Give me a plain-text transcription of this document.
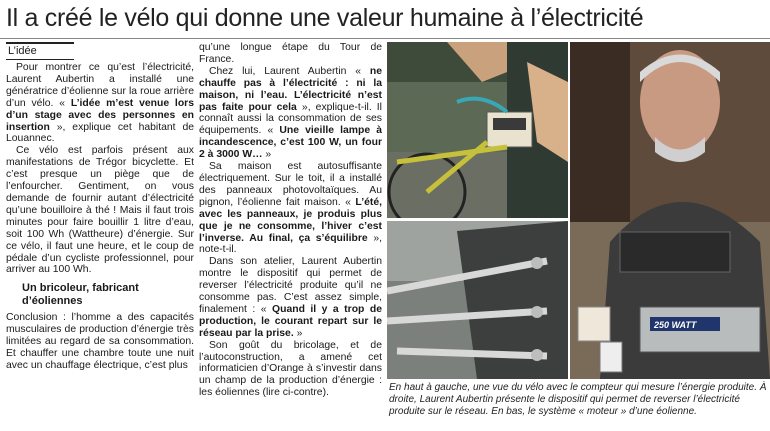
Il a créé le vélo qui donne une valeur humaine à l’électricité
L’idée

Pour montrer ce qu’est l’électricité, Laurent Aubertin a installé une génératrice d’éolienne sur la roue arrière d’un vélo. « L’idée m’est venue lors d’un stage avec des personnes en insertion », explique cet habitant de Louannec.

Ce vélo est parfois présent aux manifestations de Trégor bicyclette. Et c’est presque un piège que de l’enfourcher. Gentiment, on vous demande de fournir autant d’électricité qu’une bouilloire à thé ! Mais il faut trois minutes pour faire bouillir 1 litre d’eau, soit 100 Wh (Wattheure) d’énergie. Sur ce vélo, il faut une heure, et le coup de pédale d’un cycliste professionnel, pour arriver au 100 Wh.

Un bricoleur, fabricant d’éoliennes

Conclusion : l’homme a des capacités musculaires de production d’énergie très limitées au regard de sa consommation. Et chauffer une chambre toute une nuit avec un chauffage électrique, c’est plus

qu’une longue étape du Tour de France.

Chez lui, Laurent Aubertin « ne chauffe pas à l’électricité : ni la maison, ni l’eau. L’électricité n’est pas faite pour cela », explique-t-il. Il connaît aussi la consommation de ses équipements. « Une vieille lampe à incandescence, c’est 100 W, un four 2 à 3000 W… »

Sa maison est autosuffisante électriquement. Sur le toit, il a installé des panneaux photovoltaïques. Au pignon, l’éolienne fait maison. « L’été, avec les panneaux, je produis plus que je ne consomme, l’hiver c’est l’inverse. Au final, ça s’équilibre », note-t-il.

Dans son atelier, Laurent Aubertin montre le dispositif qui permet de reverser l’électricité produite qu’il ne consomme pas. C’est assez simple, finalement : « Quand il y a trop de production, le courant repart sur le réseau par la prise. »

Son goût du bricolage, et de l’autoconstruction, a amené cet informaticien d’Orange à s’investir dans un champ de la production d’énergie : les éoliennes (lire ci-contre).

250 WATT
En haut à gauche, une vue du vélo avec le compteur qui mesure l’énergie produite. À droite, Laurent Aubertin présente le dispositif qui permet de reverser l’électricité produite sur le réseau. En bas, le système « moteur » d’une éolienne.
